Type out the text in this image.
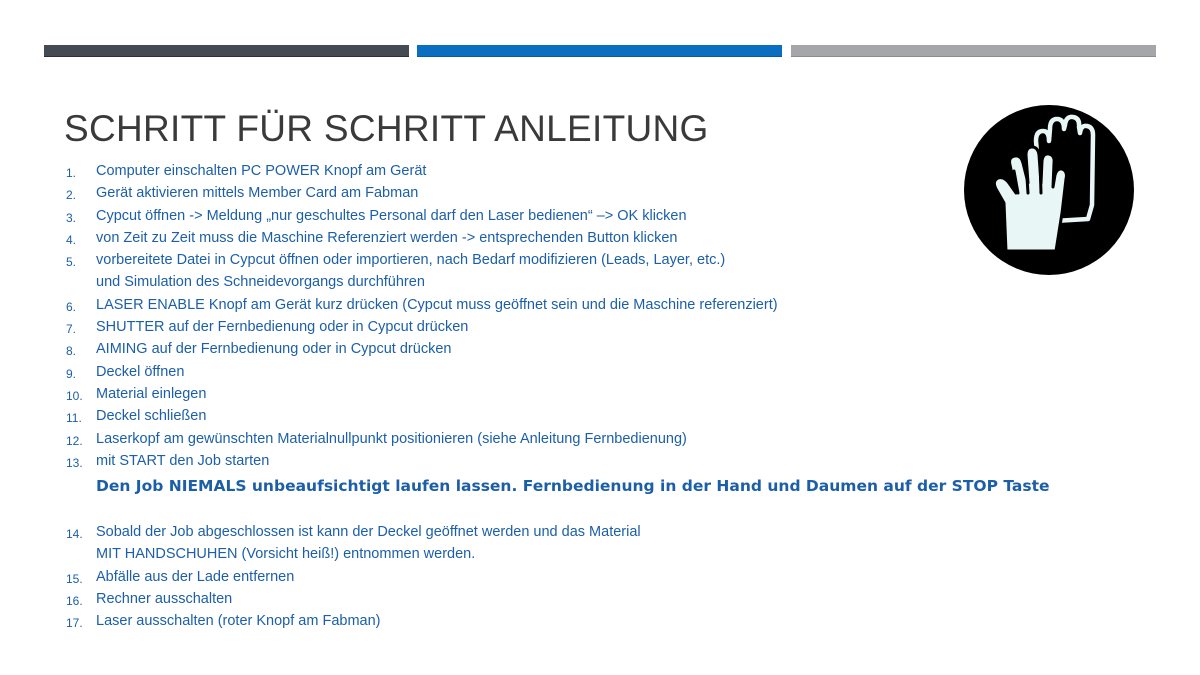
SCHRITT FÜR SCHRITT ANLEITUNG
1. Computer einschalten PC POWER Knopf am Gerät
2. Gerät aktivieren mittels Member Card am Fabman
3. Cypcut öffnen -> Meldung „nur geschultes Personal darf den Laser bedienen“ –> OK klicken
4. von Zeit zu Zeit muss die Maschine Referenziert werden -> entsprechenden Button klicken
5. vorbereitete Datei in Cypcut öffnen oder importieren, nach Bedarf modifizieren (Leads, Layer, etc.)
und Simulation des Schneidevorgangs durchführen
6. LASER ENABLE Knopf am Gerät kurz drücken (Cypcut muss geöffnet sein und die Maschine referenziert)
7. SHUTTER auf der Fernbedienung oder in Cypcut drücken
8. AIMING auf der Fernbedienung oder in Cypcut drücken
9. Deckel öffnen
10. Material einlegen
11. Deckel schließen
12. Laserkopf am gewünschten Materialnullpunkt positionieren (siehe Anleitung Fernbedienung)
13. mit START den Job starten
Den Job NIEMALS unbeaufsichtigt laufen lassen. Fernbedienung in der Hand und Daumen auf der STOP Taste
14. Sobald der Job abgeschlossen ist kann der Deckel geöffnet werden und das Material
MIT HANDSCHUHEN (Vorsicht heiß!) entnommen werden.
15. Abfälle aus der Lade entfernen
16. Rechner ausschalten
17. Laser ausschalten (roter Knopf am Fabman)
